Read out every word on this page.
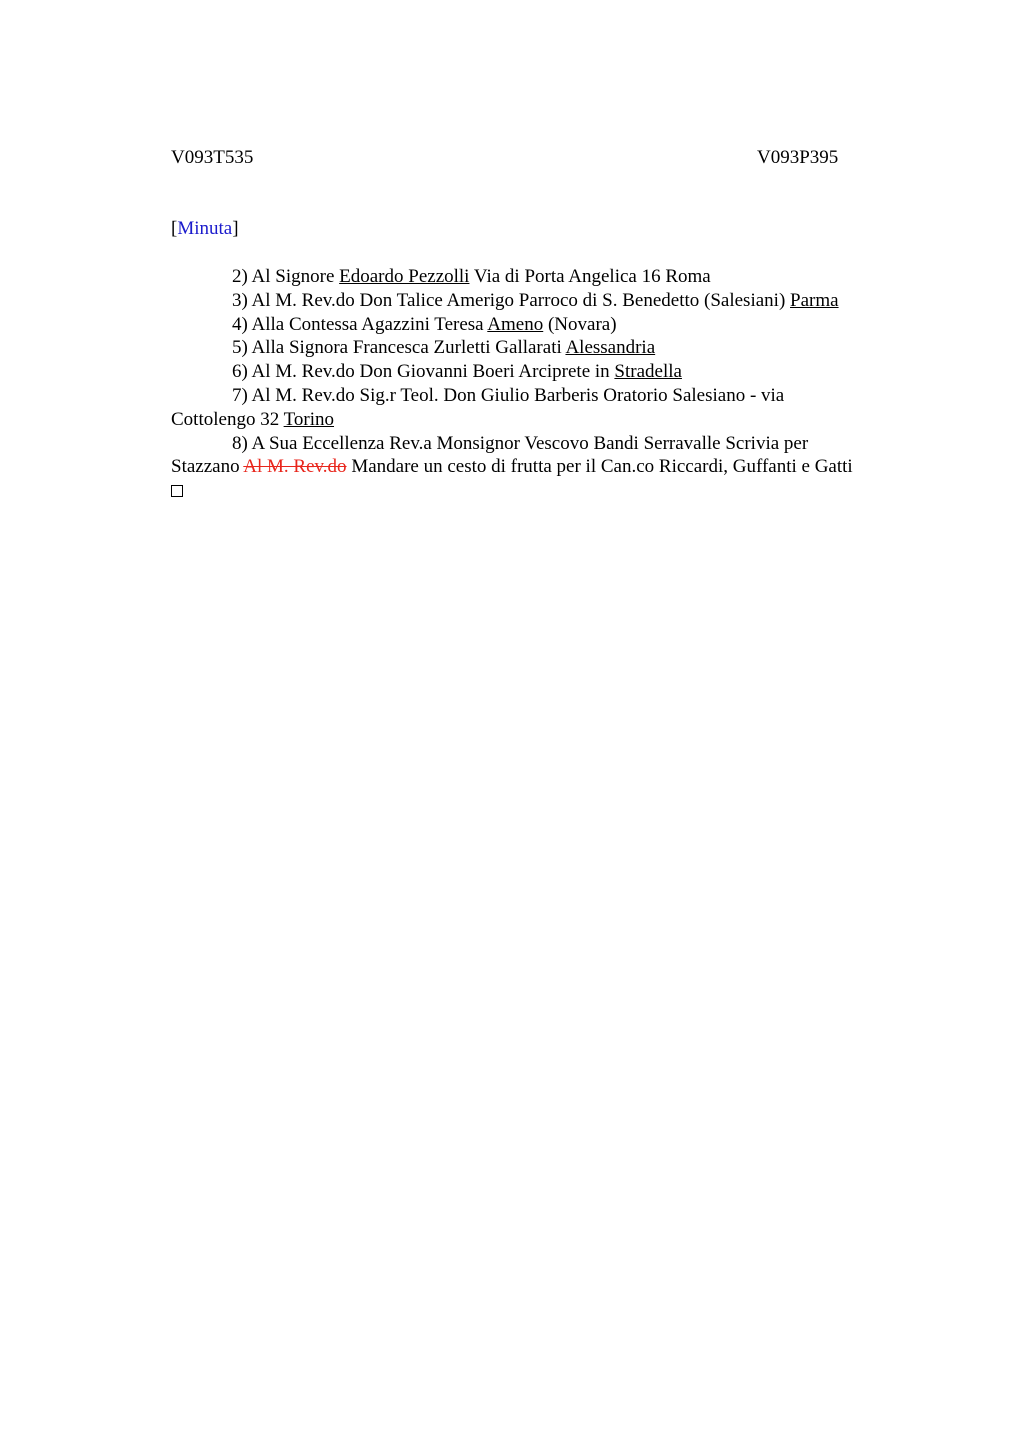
V093T535	V093P395
[Minuta]

2) Al Signore Edoardo Pezzolli Via di Porta Angelica 16 Roma

3) Al M. Rev.do Don Talice Amerigo Parroco di S. Benedetto (Salesiani) Parma

4) Alla Contessa Agazzini Teresa Ameno (Novara)

5) Alla Signora Francesca Zurletti Gallarati Alessandria

6) Al M. Rev.do Don Giovanni Boeri Arciprete in Stradella

7) Al M. Rev.do Sig.r Teol. Don Giulio Barberis Oratorio Salesiano - via
Cottolengo 32 Torino

8) A Sua Eccellenza Rev.a Monsignor Vescovo Bandi Serravalle Scrivia per
Stazzano Al M. Rev.do Mandare un cesto di frutta per il Can.co Riccardi, Guffanti e Gatti
